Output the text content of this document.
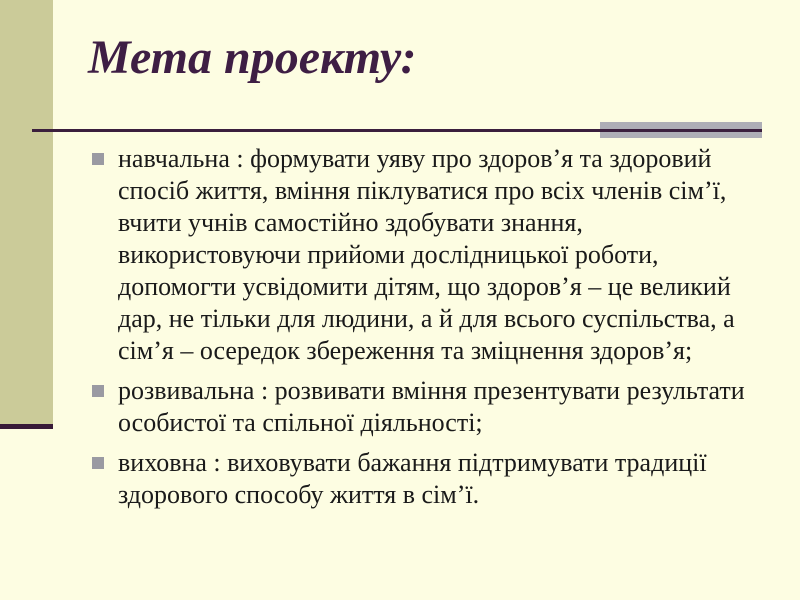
Мета проекту:
навчальна : формувати уяву про здоров’я та здоровий спосіб життя, вміння піклуватися про всіх членів сім’ї, вчити учнів самостійно здобувати знання, використовуючи прийоми дослідницької роботи, допомогти усвідомити дітям, що здоров’я – це великий дар, не тільки для людини, а й для всього суспільства, а сім’я – осередок збереження та зміцнення здоров’я;
розвивальна : розвивати вміння презентувати результати особистої та спільної діяльності;
виховна : виховувати бажання підтримувати традиції здорового способу життя в сім’ї.
